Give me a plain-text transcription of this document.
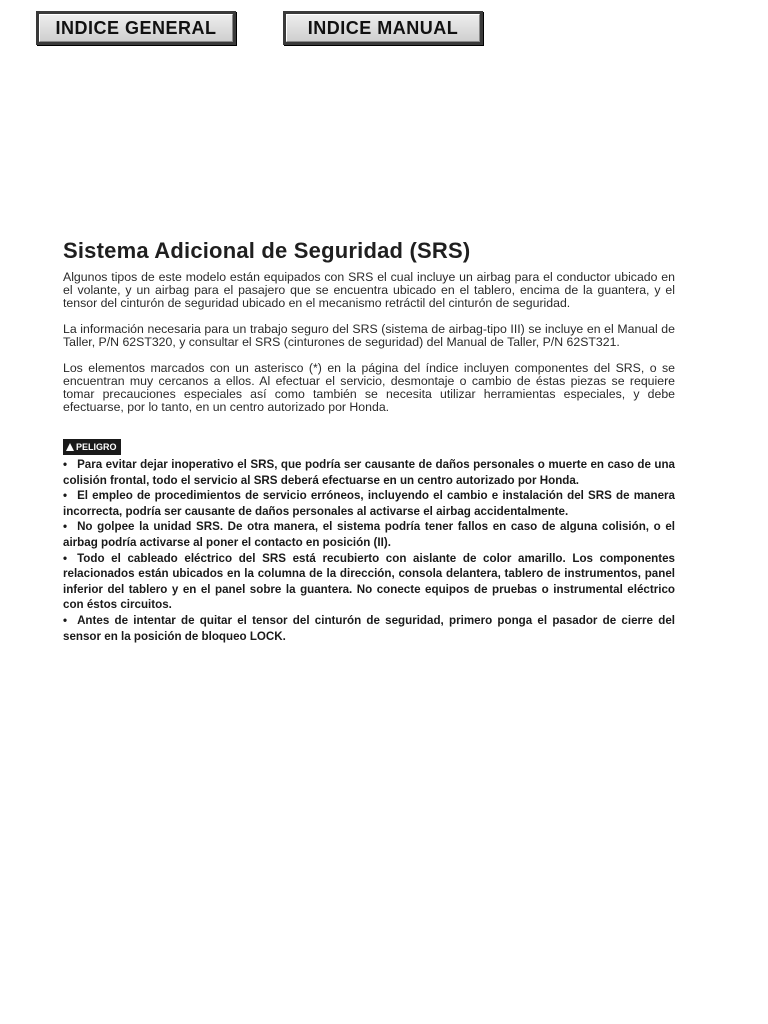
INDICE GENERAL	INDICE MANUAL
Sistema Adicional de Seguridad (SRS)

Algunos tipos de este modelo están equipados con SRS el cual incluye un airbag para el conductor ubicado en el volante, y un airbag para el pasajero que se encuentra ubicado en el tablero, encima de la guantera, y el tensor del cinturón de seguridad ubicado en el mecanismo retráctil del cinturón de seguridad.

La información necesaria para un trabajo seguro del SRS (sistema de airbag-tipo III) se incluye en el Manual de Taller, P/N 62ST320, y consultar el SRS (cinturones de seguridad) del Manual de Taller, P/N 62ST321.

Los elementos marcados con un asterisco (*) en la página del índice incluyen componentes del SRS, o se encuentran muy cercanos a ellos. Al efectuar el servicio, desmontaje o cambio de éstas piezas se requiere tomar precauciones especiales así como también se necesita utilizar herramientas especiales, y debe efectuarse, por lo tanto, en un centro autorizado por Honda.

PELIGRO
• Para evitar dejar inoperativo el SRS, que podría ser causante de daños personales o muerte en caso de una colisión frontal, todo el servicio al SRS deberá efectuarse en un centro autorizado por Honda.
• El empleo de procedimientos de servicio erróneos, incluyendo el cambio e instalación del SRS de manera incorrecta, podría ser causante de daños personales al activarse el airbag accidentalmente.
• No golpee la unidad SRS. De otra manera, el sistema podría tener fallos en caso de alguna colisión, o el airbag podría activarse al poner el contacto en posición (II).
• Todo el cableado eléctrico del SRS está recubierto con aislante de color amarillo. Los componentes relacionados están ubicados en la columna de la dirección, consola delantera, tablero de instrumentos, panel inferior del tablero y en el panel sobre la guantera. No conecte equipos de pruebas o instrumental eléctrico con éstos circuitos.
• Antes de intentar de quitar el tensor del cinturón de seguridad, primero ponga el pasador de cierre del sensor en la posición de bloqueo LOCK.
